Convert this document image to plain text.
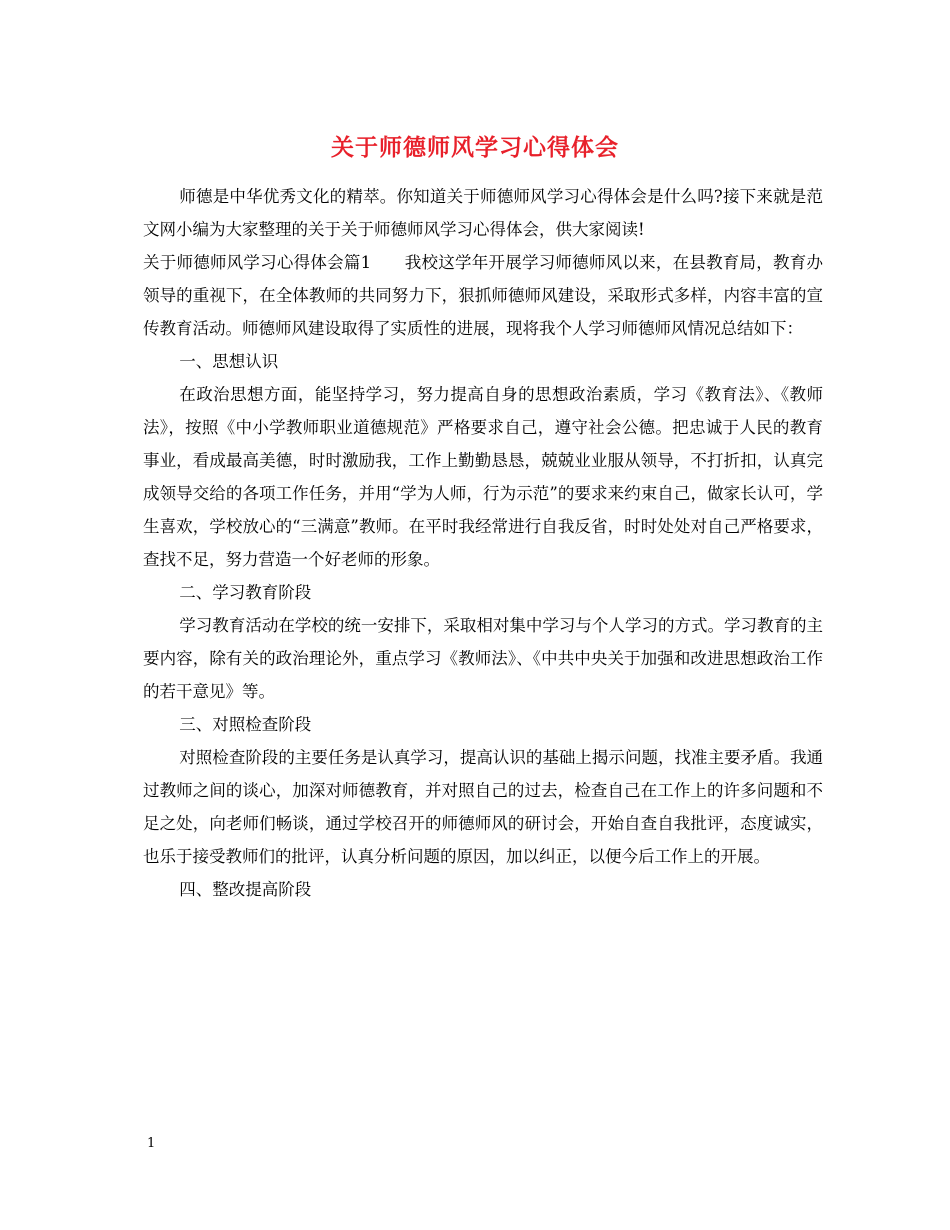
关于师德师风学习心得体会

师德是中华优秀文化的精萃。你知道关于师德师风学习心得体会是什么吗?接下来就是范文网小编为大家整理的关于关于师德师风学习心得体会，供大家阅读!

关于师德师风学习心得体会篇1　　我校这学年开展学习师德师风以来，在县教育局，教育办领导的重视下，在全体教师的共同努力下，狠抓师德师风建设，采取形式多样，内容丰富的宣传教育活动。师德师风建设取得了实质性的进展，现将我个人学习师德师风情况总结如下：

一、思想认识

在政治思想方面，能坚持学习，努力提高自身的思想政治素质，学习《教育法》、《教师法》，按照《中小学教师职业道德规范》严格要求自己，遵守社会公德。把忠诚于人民的教育事业，看成最高美德，时时激励我，工作上勤勤恳恳，兢兢业业服从领导，不打折扣，认真完成领导交给的各项工作任务，并用“学为人师，行为示范”的要求来约束自己，做家长认可，学生喜欢，学校放心的“三满意”教师。在平时我经常进行自我反省，时时处处对自己严格要求，查找不足，努力营造一个好老师的形象。

二、学习教育阶段

学习教育活动在学校的统一安排下，采取相对集中学习与个人学习的方式。学习教育的主要内容，除有关的政治理论外，重点学习《教师法》、《中共中央关于加强和改进思想政治工作的若干意见》等。

三、对照检查阶段

对照检查阶段的主要任务是认真学习，提高认识的基础上揭示问题，找准主要矛盾。我通过教师之间的谈心，加深对师德教育，并对照自己的过去，检查自己在工作上的许多问题和不足之处，向老师们畅谈，通过学校召开的师德师风的研讨会，开始自查自我批评，态度诚实，也乐于接受教师们的批评，认真分析问题的原因，加以纠正，以便今后工作上的开展。

四、整改提高阶段

1
